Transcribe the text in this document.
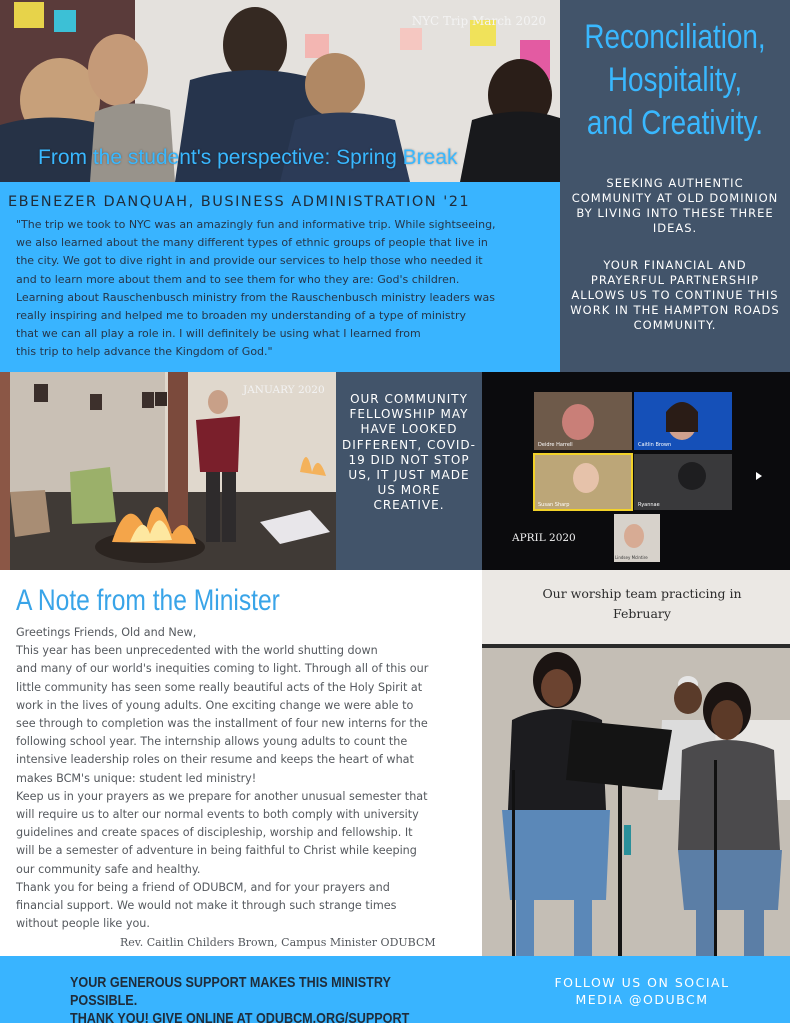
NYC Trip March 2020
From the student's perspective: Spring Break
Reconciliation,
Hospitality,
and Creativity.
SEEKING AUTHENTIC COMMUNITY AT OLD DOMINION BY LIVING INTO THESE THREE IDEAS.
YOUR FINANCIAL AND PRAYERFUL PARTNERSHIP ALLOWS US TO CONTINUE THIS WORK IN THE HAMPTON ROADS COMMUNITY.
EBENEZER DANQUAH, BUSINESS ADMINISTRATION '21
"The trip we took to NYC was an amazingly fun and informative trip. While sightseeing,
we also learned about the many different types of ethnic groups of people that live in
the city. We got to dive right in and provide our services to help those who needed it
and to learn more about them and to see them for who they are: God's children.
Learning about Rauschenbusch ministry from the Rauschenbusch ministry leaders was
really inspiring and helped me to broaden my understanding of a type of ministry
that we can all play a role in. I will definitely be using what I learned from
this trip to help advance the Kingdom of God."
JANUARY 2020
OUR COMMUNITY FELLOWSHIP MAY HAVE LOOKED DIFFERENT, COVID-19 DID NOT STOP US, IT JUST MADE US MORE CREATIVE.
Deidre Harrell	Caitlin Brown
Susan Sharp	Ryannae
Lindsey McIntire
APRIL 2020
A Note from the Minister

Greetings Friends, Old and New,

This year has been unprecedented with the world shutting down

and many of our world's inequities coming to light. Through all of this our

little community has seen some really beautiful acts of the Holy Spirit at

work in the lives of young adults. One exciting change we were able to

see through to completion was the installment of four new interns for the

following school year. The internship allows young adults to count the

intensive leadership roles on their resume and keeps the heart of what

makes BCM's unique: student led ministry!

Keep us in your prayers as we prepare for another unusual semester that

will require us to alter our normal events to both comply with university

guidelines and create spaces of discipleship, worship and fellowship. It

will be a semester of adventure in being faithful to Christ while keeping

our community safe and healthy.

Thank you for being a friend of ODUBCM, and for your prayers and

financial support. We would not make it through such strange times

without people like you.

Rev. Caitlin Childers Brown, Campus Minister ODUBCM
Our worship team practicing in February
YOUR GENEROUS SUPPORT MAKES THIS MINISTRY POSSIBLE.
THANK YOU! GIVE ONLINE AT ODUBCM.ORG/SUPPORT
FOLLOW US ON SOCIAL
MEDIA @ODUBCM
